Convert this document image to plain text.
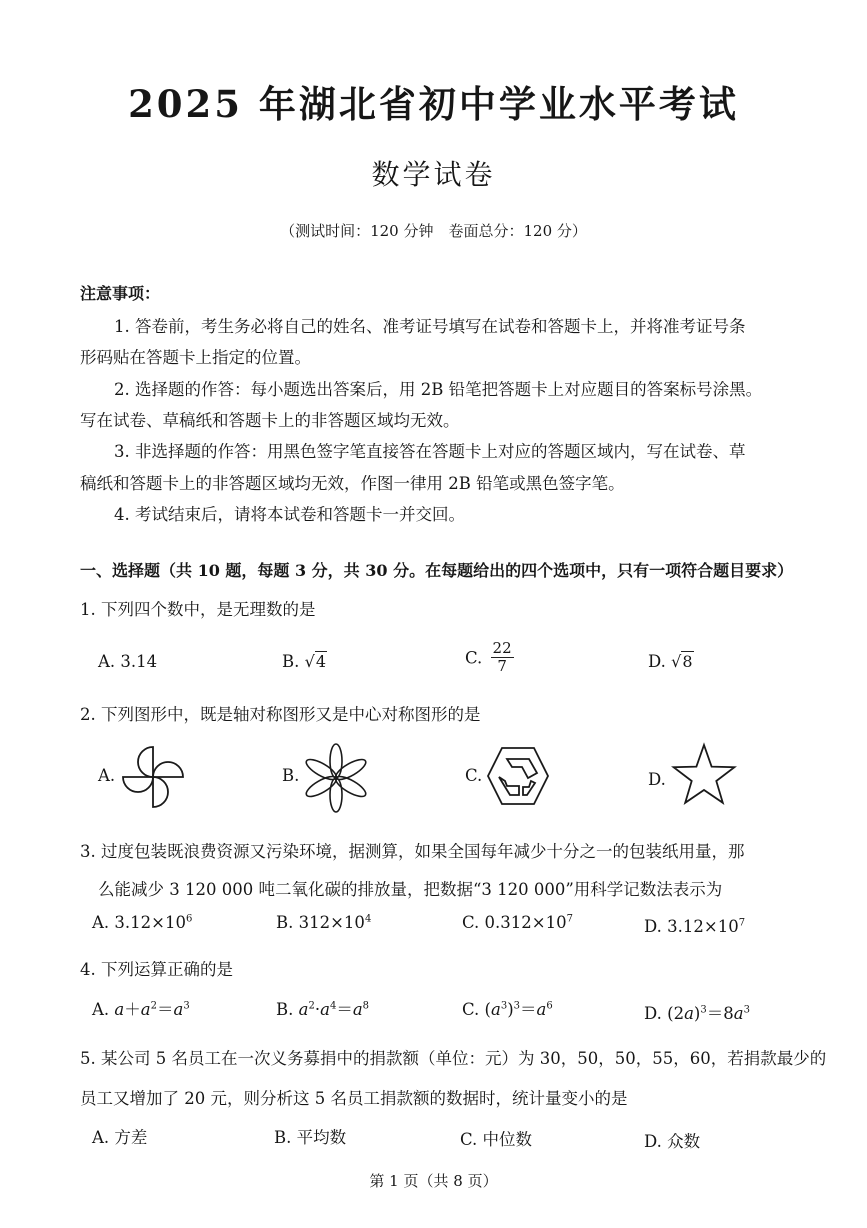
2025 年湖北省初中学业水平考试
数学试卷
（测试时间：120 分钟　卷面总分：120 分）
注意事项：
1. 答卷前，考生务必将自己的姓名、准考证号填写在试卷和答题卡上，并将准考证号条
形码贴在答题卡上指定的位置。
2. 选择题的作答：每小题选出答案后，用 2B 铅笔把答题卡上对应题目的答案标号涂黑。
写在试卷、草稿纸和答题卡上的非答题区域均无效。
3. 非选择题的作答：用黑色签字笔直接答在答题卡上对应的答题区域内，写在试卷、草
稿纸和答题卡上的非答题区域均无效，作图一律用 2B 铅笔或黑色签字笔。
4. 考试结束后，请将本试卷和答题卡一并交回。
一、选择题（共 10 题，每题 3 分，共 30 分。在每题给出的四个选项中，只有一项符合题目要求）
1. 下列四个数中，是无理数的是
A. 3.14	B. √4	C. $\frac{22}{7}$	D. √8
2. 下列图形中，既是轴对称图形又是中心对称图形的是
A.	B.	C.	D.
3. 过度包装既浪费资源又污染环境，据测算，如果全国每年减少十分之一的包装纸用量，那
么能减少 3 120 000 吨二氧化碳的排放量，把数据“3 120 000”用科学记数法表示为
A. $3.12\times 10^6$	B. $312\times 10^4$	C. $0.312\times 10^7$	D. $3.12\times 10^7$
4. 下列运算正确的是
A. $a+a^2=a^3$	B. $a^2\cdot a^4=a^8$	C. $(a^3)^3=a^6$	D. $(2a)^3=8a^3$
5. 某公司 5 名员工在一次义务募捐中的捐款额（单位：元）为 30，50，50，55，60，若捐款最少的
员工又增加了 20 元，则分析这 5 名员工捐款额的数据时，统计量变小的是
A. 方差	B. 平均数	C. 中位数	D. 众数
第 1 页（共 8 页）
